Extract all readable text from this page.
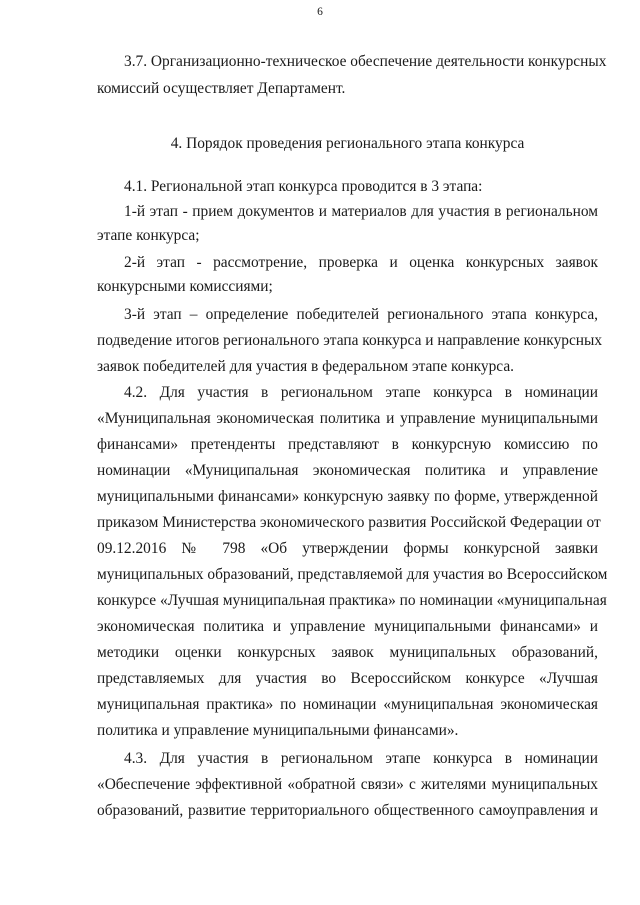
6
3.7. Организационно-техническое обеспечение деятельности конкурсных
комиссий осуществляет Департамент.
4. Порядок проведения регионального этапа конкурса
4.1. Региональной этап конкурса проводится в 3 этапа:
1-й этап - прием документов и материалов для участия в региональном
этапе конкурса;
2-й этап - рассмотрение, проверка и оценка конкурсных заявок
конкурсными комиссиями;
3-й этап – определение победителей регионального этапа конкурса,
подведение итогов регионального этапа конкурса и направление конкурсных
заявок победителей для участия в федеральном этапе конкурса.
4.2. Для участия в региональном этапе конкурса в номинации
«Муниципальная экономическая политика и управление муниципальными
финансами» претенденты представляют в конкурсную комиссию по
номинации «Муниципальная экономическая политика и управление
муниципальными финансами» конкурсную заявку по форме, утвержденной
приказом Министерства экономического развития Российской Федерации от
09.12.2016 № 798 «Об утверждении формы конкурсной заявки
муниципальных образований, представляемой для участия во Всероссийском
конкурсе «Лучшая муниципальная практика» по номинации «муниципальная
экономическая политика и управление муниципальными финансами» и
методики оценки конкурсных заявок муниципальных образований,
представляемых для участия во Всероссийском конкурсе «Лучшая
муниципальная практика» по номинации «муниципальная экономическая
политика и управление муниципальными финансами».
4.3. Для участия в региональном этапе конкурса в номинации
«Обеспечение эффективной «обратной связи» с жителями муниципальных
образований, развитие территориального общественного самоуправления и
